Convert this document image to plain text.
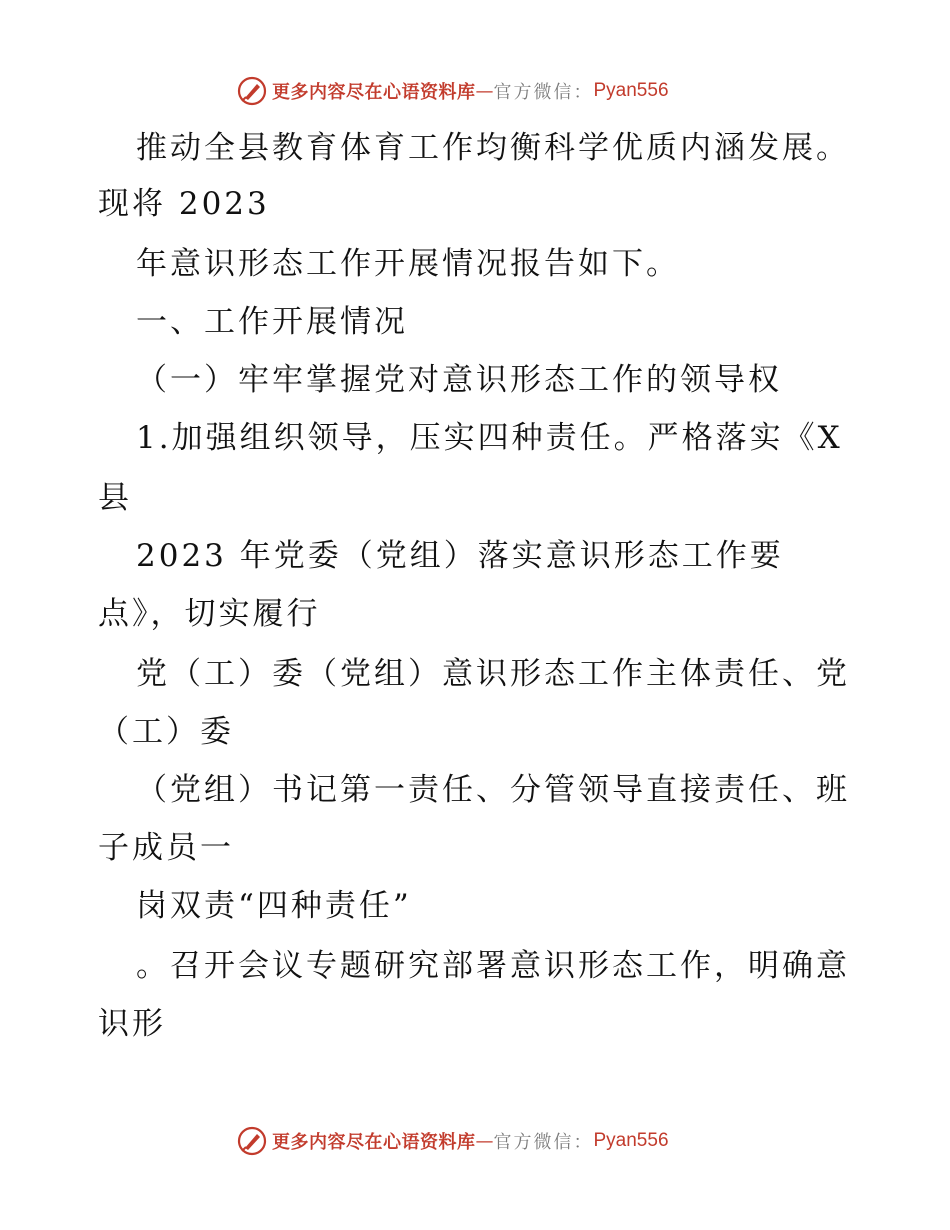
更多内容尽在心语资料库 — 官方微信： Pyan556
推动全县教育体育工作均衡科学优质内涵发展。
现将 2023
年意识形态工作开展情况报告如下。
一、工作开展情况
（一）牢牢掌握党对意识形态工作的领导权
1.加强组织领导，压实四种责任。严格落实《X
县
2023 年党委（党组）落实意识形态工作要
点》，切实履行
党（工）委（党组）意识形态工作主体责任、党
（工）委
（党组）书记第一责任、分管领导直接责任、班
子成员一
岗双责“四种责任”
。召开会议专题研究部署意识形态工作，明确意
识形
更多内容尽在心语资料库 — 官方微信： Pyan556
